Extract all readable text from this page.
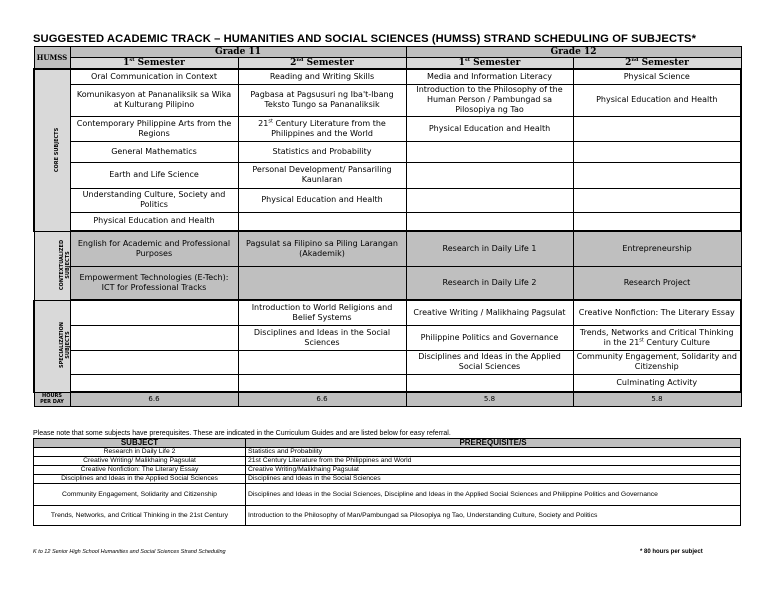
SUGGESTED ACADEMIC TRACK – HUMANITIES AND SOCIAL SCIENCES (HUMSS) STRAND SCHEDULING OF SUBJECTS*
HUMSS	Grade 11		Grade 12	
	1st Semester	2nd Semester	1st Semester	2nd Semester
CORE SUBJECTS	Oral Communication in Context	Reading and Writing Skills	Media and Information Literacy	Physical Science
	Komunikasyon at Pananaliksik sa Wika at Kulturang Pilipino	Pagbasa at Pagsusuri ng Iba't-Ibang Teksto Tungo sa Pananaliksik	Introduction to the Philosophy of the Human Person / Pambungad sa Pilosopiya ng Tao	Physical Education and Health
	Contemporary Philippine Arts from the Regions	21st Century Literature from the Philippines and the World	Physical Education and Health	
	General Mathematics	Statistics and Probability		
	Earth and Life Science	Personal Development/ Pansariling Kaunlaran		
	Understanding Culture, Society and Politics	Physical Education and Health		
	Physical Education and Health			
CONTEXTUALIZED SUBJECTS	English for Academic and Professional Purposes	Pagsulat sa Filipino sa Piling Larangan (Akademik)	Research in Daily Life 1	Entrepreneurship
	Empowerment Technologies (E-Tech): ICT for Professional Tracks		Research in Daily Life 2	Research Project
SPECIALIZATION SUBJECTS		Introduction to World Religions and Belief Systems	Creative Writing / Malikhaing Pagsulat	Creative Nonfiction: The Literary Essay
		Disciplines and Ideas in the Social Sciences	Philippine Politics and Governance	Trends, Networks and Critical Thinking in the 21st Century Culture
			Disciplines and Ideas in the Applied Social Sciences	Community Engagement, Solidarity and Citizenship
				Culminating Activity
HOURS PER DAY	6.6	6.6	5.8	5.8
Please note that some subjects have prerequisites. These are indicated in the Curriculum Guides and are listed below for easy referral.
SUBJECT	PREREQUISITE/S
Research in Daily Life 2	Statistics and Probability
Creative Writing/ Malikhaing Pagsulat	21st Century Literature from the Philippines and World
Creative Nonfiction: The Literary Essay	Creative Writing/Malikhaing Pagsulat
Disciplines and Ideas in the Applied Social Sciences	Disciplines and Ideas in the Social Sciences
Community Engagement, Solidarity and Citizenship	Disciplines and Ideas in the Social Sciences, Discipline and Ideas in the Applied Social Sciences and Philippine Politics and Governance
Trends, Networks, and Critical Thinking in the 21st Century	Introduction to the Philosophy of Man/Pambungad sa Pilosopiya ng Tao, Understanding Culture, Society and Politics
K to 12 Senior High School Humanities and Social Sciences Strand Scheduling	* 80 hours per subject
